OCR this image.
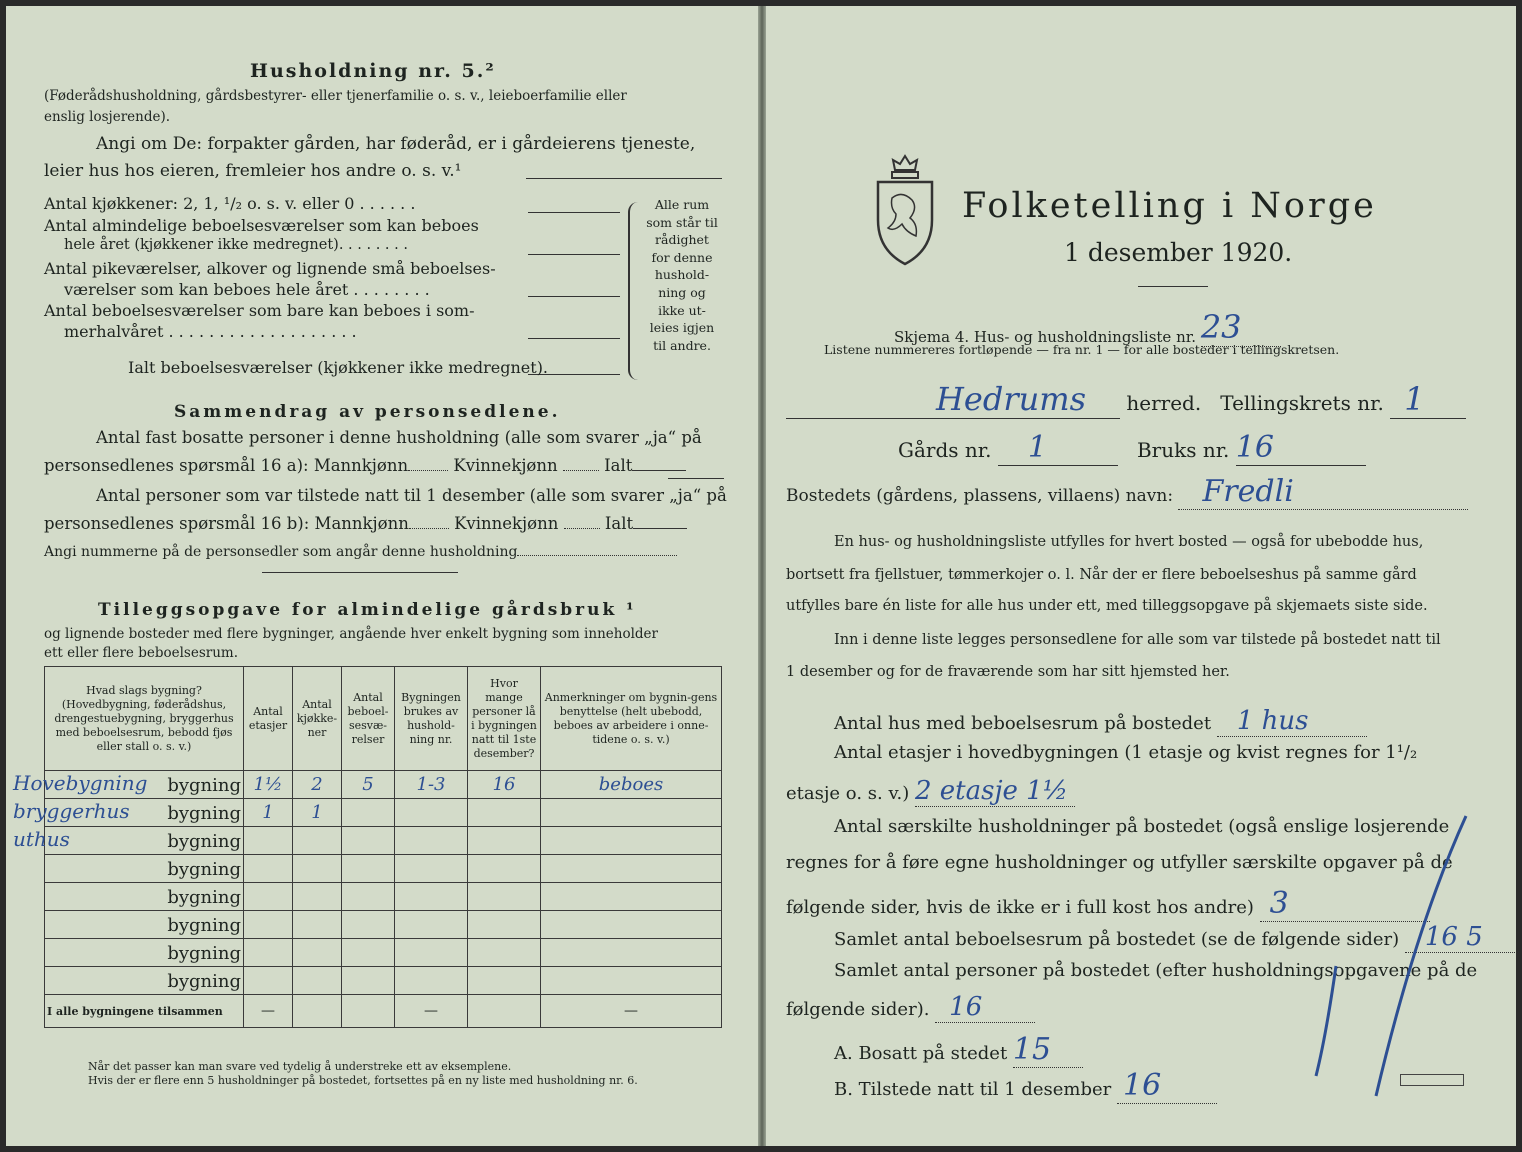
Husholdning nr. 5.²
(Føderådshusholdning, gårdsbestyrer- eller tjenerfamilie o. s. v., leieboerfamilie eller
enslig losjerende).
Angi om De: forpakter gården, har føderåd, er i gårdeierens tjeneste,
leier hus hos eieren, fremleier hos andre o. s. v.¹
Antal kjøkkener: 2, 1, ¹/₂ o. s. v. eller 0 . . . . . .
Antal almindelige beboelsesværelser som kan beboes
hele året (kjøkkener ikke medregnet). . . . . . . .
Antal pikeværelser, alkover og lignende små beboelses-
værelser som kan beboes hele året . . . . . . . .
Antal beboelsesværelser som bare kan beboes i som-
merhalvåret . . . . . . . . . . . . . . . . . . .
Alle rum
som står til
rådighet
for denne
hushold-
ning og
ikke ut-
leies igjen
til andre.
Ialt beboelsesværelser (kjøkkener ikke medregnet).
Sammendrag av personsedlene.
Antal fast bosatte personer i denne husholdning (alle som svarer „ja“ på
personsedlenes spørsmål 16 a): Mannkjønn	Kvinnekjønn	Ialt
Antal personer som var tilstede natt til 1 desember (alle som svarer „ja“ på
personsedlenes spørsmål 16 b): Mannkjønn	Kvinnekjønn	Ialt
Angi nummerne på de personsedler som angår denne husholdning
Tilleggsopgave for almindelige gårdsbruk ¹
og lignende bosteder med flere bygninger, angående hver enkelt bygning som inneholder
ett eller flere beboelsesrum.
Hvad slags bygning? (Hovedbygning, føderådshus, drengestuebygning, bryggerhus med beboelsesrum, bebodd fjøs eller stall o. s. v.)	Antal etasjer	Antal kjøkke-ner	Antal beboel-sesvæ-relser	Bygningen brukes av hushold-ning nr.	Hvor mange personer lå i bygningen natt til 1ste desember?	Anmerkninger om bygnin-gens benyttelse (helt ubebodd, beboes av arbeidere i onne-tidene o. s. v.)

Hovebygning bygning	1½	2	5	1-3	16	beboes

bryggerhus bygning	1	1				

uthus bygning						

bygning						

bygning						

bygning						

bygning						

bygning						

I alle bygningene tilsammen	—			—		—
Når det passer kan man svare ved tydelig å understreke ett av eksemplene.
Hvis der er flere enn 5 husholdninger på bostedet, fortsettes på en ny liste med husholdning nr. 6.
Folketelling i Norge
1 desember 1920.
Skjema 4. Hus- og husholdningsliste nr. 23
Listene nummereres fortløpende — fra nr. 1 — for alle bosteder i tellingskretsen.
Hedrums herred. Tellingskrets nr. 1
Gårds nr. 1	Bruks nr. 16
Bostedets (gårdens, plassens, villaens) navn: Fredli
En hus- og husholdningsliste utfylles for hvert bosted — også for ubebodde hus,
bortsett fra fjellstuer, tømmerkojer o. l. Når der er flere beboelseshus på samme gård
utfylles bare én liste for alle hus under ett, med tilleggsopgave på skjemaets siste side.
Inn i denne liste legges personsedlene for alle som var tilstede på bostedet natt til
1 desember og for de fraværende som har sitt hjemsted her.
Antal hus med beboelsesrum på bostedet 1 hus
Antal etasjer i hovedbygningen (1 etasje og kvist regnes for 1¹/₂
etasje o. s. v.) 2 etasje 1½
Antal særskilte husholdninger på bostedet (også enslige losjerende
regnes for å føre egne husholdninger og utfyller særskilte opgaver på de
følgende sider, hvis de ikke er i full kost hos andre) 3
Samlet antal beboelsesrum på bostedet (se de følgende sider) 16 5
Samlet antal personer på bostedet (efter husholdningsopgavene på de
følgende sider). 16
A. Bosatt på stedet 15
B. Tilstede natt til 1 desember 16
